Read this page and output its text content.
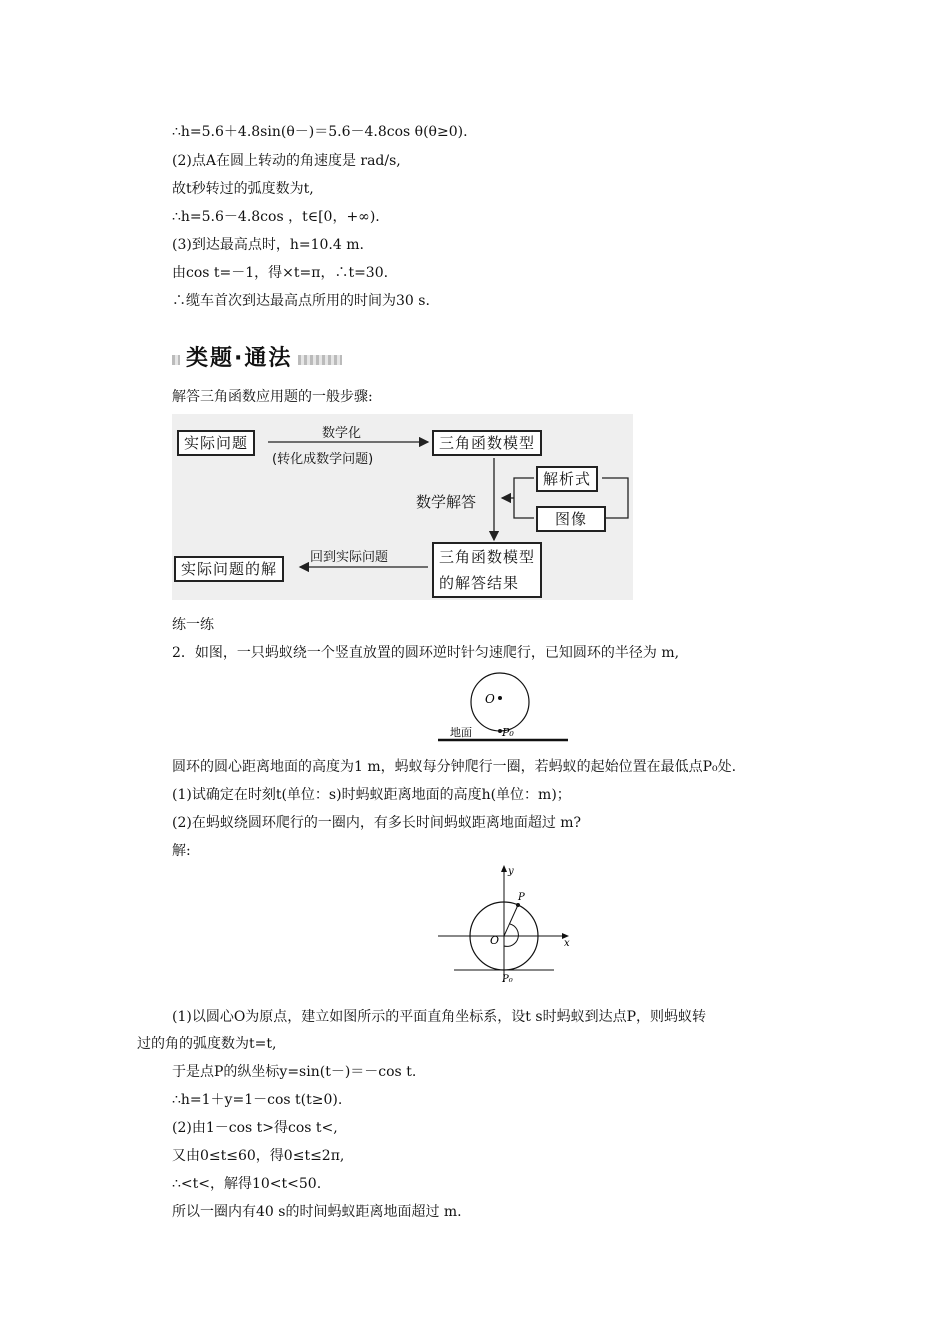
∴h=5.6＋4.8sin(θ－)＝5.6－4.8cos θ(θ≥0).
(2)点A在圆上转动的角速度是 rad/s,
故t秒转过的弧度数为t,
∴h=5.6－4.8cos ，t∈[0，+∞).
(3)到达最高点时，h=10.4 m.
由cos t=－1，得×t=π，∴t=30.
∴缆车首次到达最高点所用的时间为30 s.
类题·通法
解答三角函数应用题的一般步骤:
实际问题
数学化
(转化成数学问题)
三角函数模型
数学解答
解析式
图像
三角函数模型
的解答结果
回到实际问题
实际问题的解
练一练
2．如图，一只蚂蚁绕一个竖直放置的圆环逆时针匀速爬行，已知圆环的半径为 m,
O
地面	P₀
圆环的圆心距离地面的高度为1 m，蚂蚁每分钟爬行一圈，若蚂蚁的起始位置在最低点P₀处.
(1)试确定在时刻t(单位：s)时蚂蚁距离地面的高度h(单位：m)；
(2)在蚂蚁绕圆环爬行的一圈内，有多长时间蚂蚁距离地面超过 m?
解:
y
x
O
P
P₀
(1)以圆心O为原点，建立如图所示的平面直角坐标系，设t s时蚂蚁到达点P，则蚂蚁转
过的角的弧度数为t=t,
于是点P的纵坐标y=sin(t－)＝－cos t.
∴h=1＋y=1－cos t(t≥0).
(2)由1－cos t>得cos t<,
又由0≤t≤60，得0≤t≤2π,
∴<t<，解得10<t<50.
所以一圈内有40 s的时间蚂蚁距离地面超过 m.
